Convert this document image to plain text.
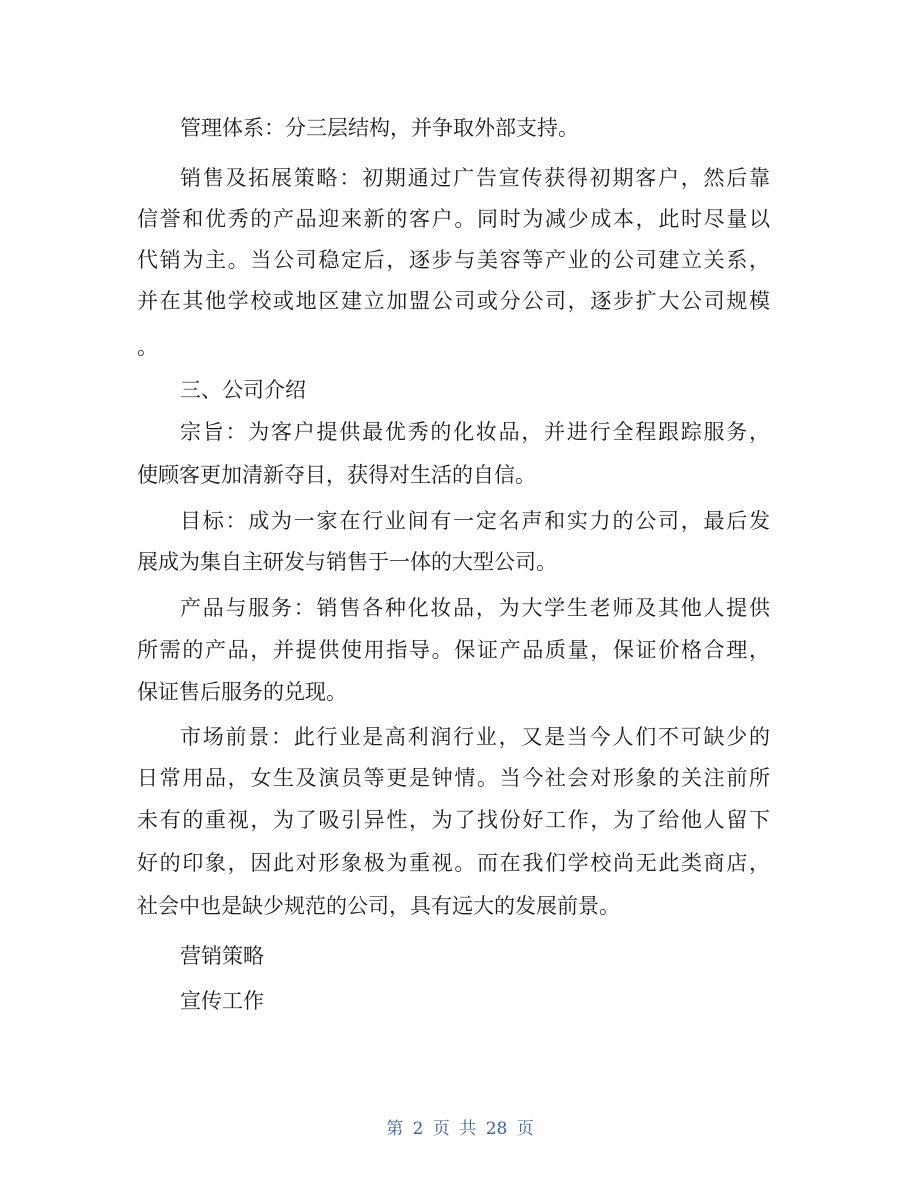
管理体系：分三层结构，并争取外部支持。
销售及拓展策略：初期通过广告宣传获得初期客户，然后靠
信誉和优秀的产品迎来新的客户。同时为减少成本，此时尽量以
代销为主。当公司稳定后，逐步与美容等产业的公司建立关系，
并在其他学校或地区建立加盟公司或分公司，逐步扩大公司规模
。
三、公司介绍
宗旨：为客户提供最优秀的化妆品，并进行全程跟踪服务，
使顾客更加清新夺目，获得对生活的自信。
目标：成为一家在行业间有一定名声和实力的公司，最后发
展成为集自主研发与销售于一体的大型公司。
产品与服务：销售各种化妆品，为大学生老师及其他人提供
所需的产品，并提供使用指导。保证产品质量，保证价格合理，
保证售后服务的兑现。
市场前景：此行业是高利润行业，又是当今人们不可缺少的
日常用品，女生及演员等更是钟情。当今社会对形象的关注前所
未有的重视，为了吸引异性，为了找份好工作，为了给他人留下
好的印象，因此对形象极为重视。而在我们学校尚无此类商店，
社会中也是缺少规范的公司，具有远大的发展前景。
营销策略
宣传工作
第 2 页 共 28 页
